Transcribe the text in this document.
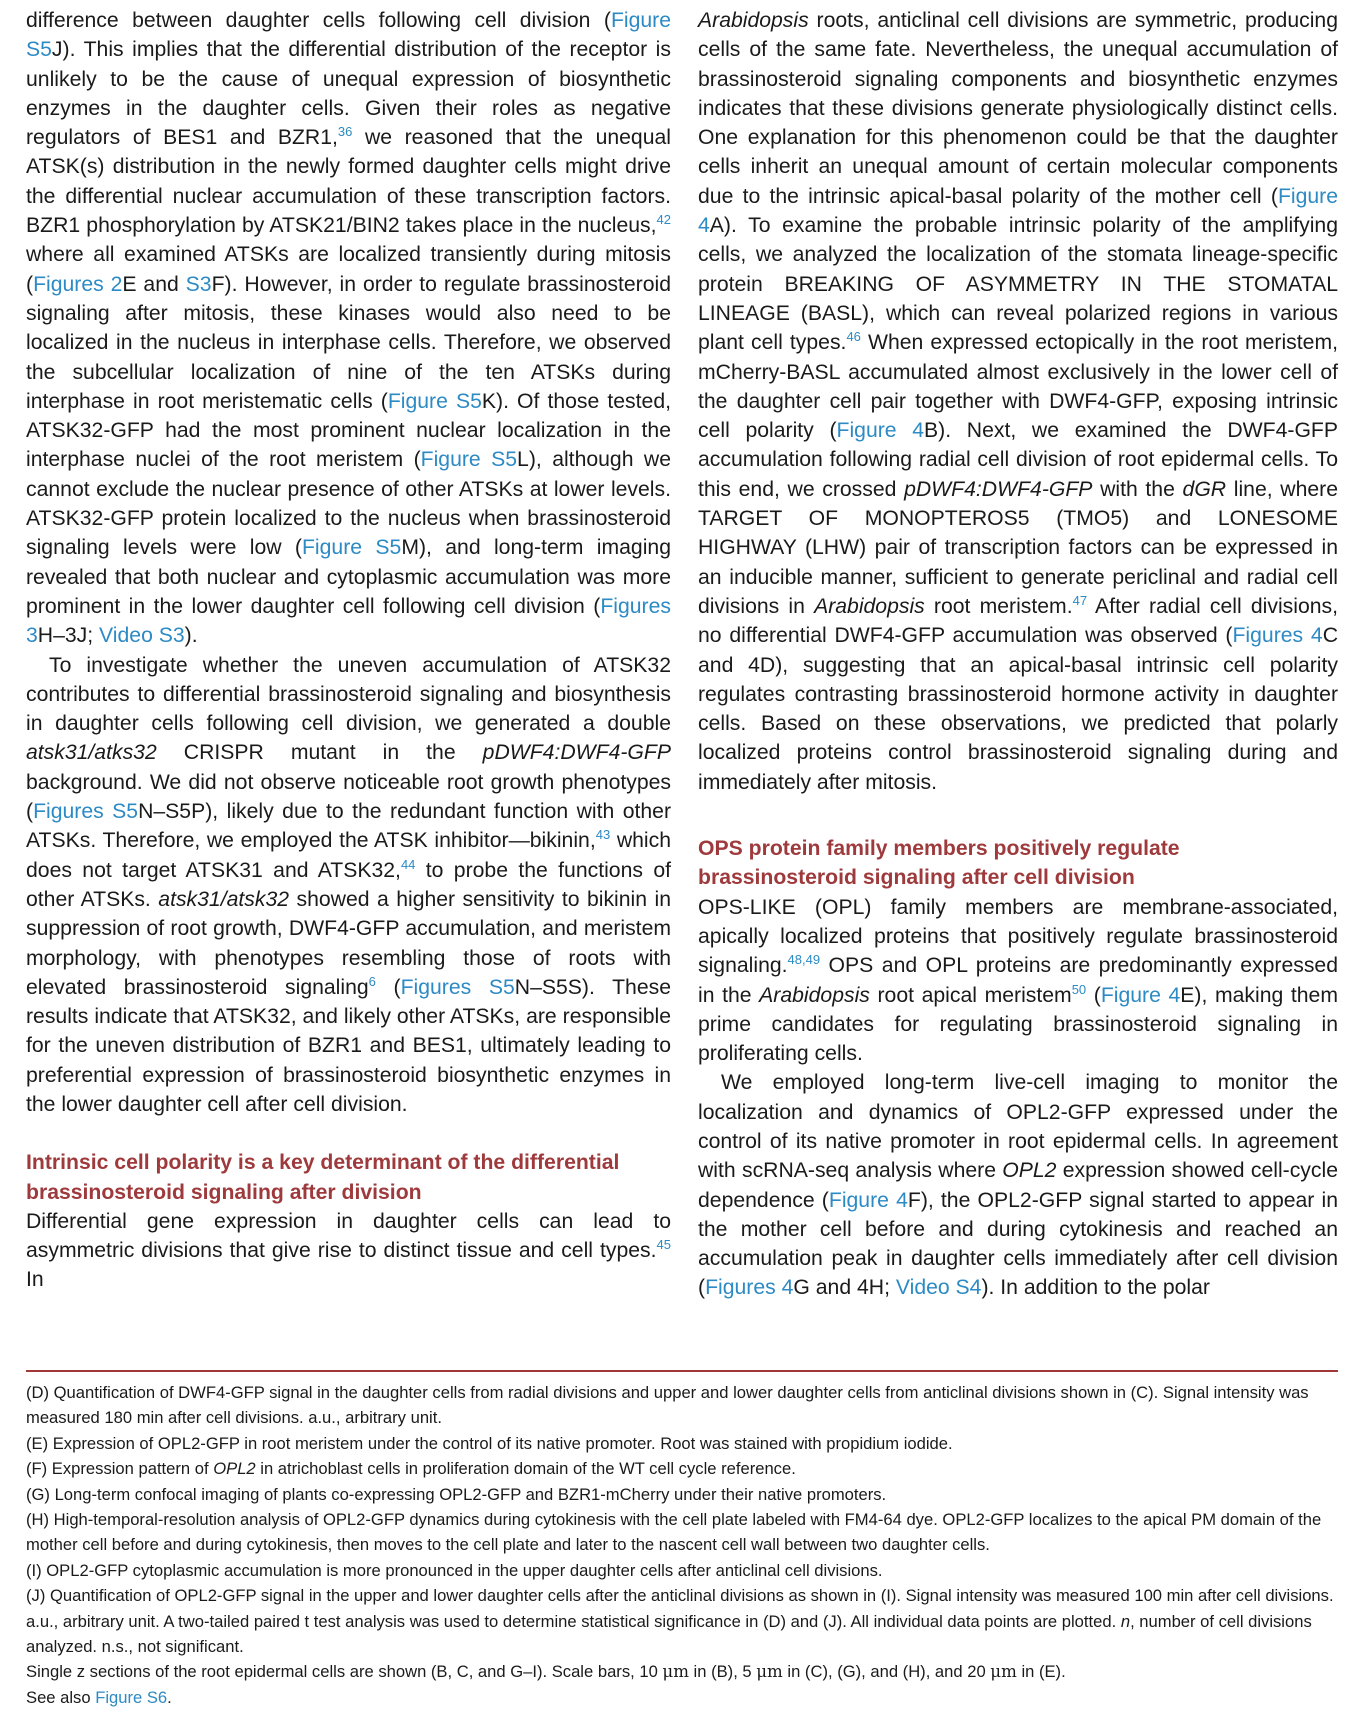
difference between daughter cells following cell division (Figure S5J). This implies that the differential distribution of the receptor is unlikely to be the cause of unequal expression of biosynthetic enzymes in the daughter cells. Given their roles as negative regulators of BES1 and BZR1,36 we reasoned that the unequal ATSK(s) distribution in the newly formed daughter cells might drive the differential nuclear accumulation of these transcription factors. BZR1 phosphorylation by ATSK21/BIN2 takes place in the nucleus,$^{42}$ where all examined ATSKs are localized transiently during mitosis (Figures 2E and S3F). However, in order to regulate brassinosteroid signaling after mitosis, these kinases would also need to be localized in the nucleus in interphase cells. Therefore, we observed the subcellular localization of nine of the ten ATSKs during interphase in root meristematic cells (Figure S5K). Of those tested, ATSK32-GFP had the most prominent nuclear localization in the interphase nuclei of the root meristem (Figure S5L), although we cannot exclude the nuclear presence of other ATSKs at lower levels. ATSK32-GFP protein localized to the nucleus when brassinosteroid signaling levels were low (Figure S5M), and long-term imaging revealed that both nuclear and cytoplasmic accumulation was more prominent in the lower daughter cell following cell division (Figures 3H–3J; Video S3).

To investigate whether the uneven accumulation of ATSK32 contributes to differential brassinosteroid signaling and biosynthesis in daughter cells following cell division, we generated a double atsk31/atks32 CRISPR mutant in the pDWF4:DWF4-GFP background. We did not observe noticeable root growth phenotypes (Figures S5N–S5P), likely due to the redundant function with other ATSKs. Therefore, we employed the ATSK inhibitor—bikinin,$^{43}$ which does not target ATSK31 and ATSK32,44 to probe the functions of other ATSKs. atsk31/atsk32 showed a higher sensitivity to bikinin in suppression of root growth, DWF4-GFP accumulation, and meristem morphology, with phenotypes resembling those of roots with elevated brassinosteroid signaling$^6$ (Figures S5N–S5S). These results indicate that ATSK32, and likely other ATSKs, are responsible for the uneven distribution of BZR1 and BES1, ultimately leading to preferential expression of brassinosteroid biosynthetic enzymes in the lower daughter cell after cell division.

Intrinsic cell polarity is a key determinant of the differential brassinosteroid signaling after division

Differential gene expression in daughter cells can lead to asymmetric divisions that give rise to distinct tissue and cell types.$^{45}$ In

Arabidopsis roots, anticlinal cell divisions are symmetric, producing cells of the same fate. Nevertheless, the unequal accumulation of brassinosteroid signaling components and biosynthetic enzymes indicates that these divisions generate physiologically distinct cells. One explanation for this phenomenon could be that the daughter cells inherit an unequal amount of certain molecular components due to the intrinsic apical-basal polarity of the mother cell (Figure 4A). To examine the probable intrinsic polarity of the amplifying cells, we analyzed the localization of the stomata lineage-specific protein BREAKING OF ASYMMETRY IN THE STOMATAL LINEAGE (BASL), which can reveal polarized regions in various plant cell types.$^{46}$ When expressed ectopically in the root meristem, mCherry-BASL accumulated almost exclusively in the lower cell of the daughter cell pair together with DWF4-GFP, exposing intrinsic cell polarity (Figure 4B). Next, we examined the DWF4-GFP accumulation following radial cell division of root epidermal cells. To this end, we crossed pDWF4:DWF4-GFP with the dGR line, where TARGET OF MONOPTEROS5 (TMO5) and LONESOME HIGHWAY (LHW) pair of transcription factors can be expressed in an inducible manner, sufficient to generate periclinal and radial cell divisions in Arabidopsis root meristem.$^{47}$ After radial cell divisions, no differential DWF4-GFP accumulation was observed (Figures 4C and 4D), suggesting that an apical-basal intrinsic cell polarity regulates contrasting brassinosteroid hormone activity in daughter cells. Based on these observations, we predicted that polarly localized proteins control brassinosteroid signaling during and immediately after mitosis.

OPS protein family members positively regulate brassinosteroid signaling after cell division

OPS-LIKE (OPL) family members are membrane-associated, apically localized proteins that positively regulate brassinosteroid signaling.$^{48,49}$ OPS and OPL proteins are predominantly expressed in the Arabidopsis root apical meristem$^{50}$ (Figure 4E), making them prime candidates for regulating brassinosteroid signaling in proliferating cells.

We employed long-term live-cell imaging to monitor the localization and dynamics of OPL2-GFP expressed under the control of its native promoter in root epidermal cells. In agreement with scRNA-seq analysis where OPL2 expression showed cell-cycle dependence (Figure 4F), the OPL2-GFP signal started to appear in the mother cell before and during cytokinesis and reached an accumulation peak in daughter cells immediately after cell division (Figures 4G and 4H; Video S4). In addition to the polar

(D) Quantification of DWF4-GFP signal in the daughter cells from radial divisions and upper and lower daughter cells from anticlinal divisions shown in (C). Signal intensity was measured 180 min after cell divisions. a.u., arbitrary unit.

(E) Expression of OPL2-GFP in root meristem under the control of its native promoter. Root was stained with propidium iodide.

(F) Expression pattern of OPL2 in atrichoblast cells in proliferation domain of the WT cell cycle reference.

(G) Long-term confocal imaging of plants co-expressing OPL2-GFP and BZR1-mCherry under their native promoters.

(H) High-temporal-resolution analysis of OPL2-GFP dynamics during cytokinesis with the cell plate labeled with FM4-64 dye. OPL2-GFP localizes to the apical PM domain of the mother cell before and during cytokinesis, then moves to the cell plate and later to the nascent cell wall between two daughter cells.

(I) OPL2-GFP cytoplasmic accumulation is more pronounced in the upper daughter cells after anticlinal cell divisions.

(J) Quantification of OPL2-GFP signal in the upper and lower daughter cells after the anticlinal divisions as shown in (I). Signal intensity was measured 100 min after cell divisions. a.u., arbitrary unit. A two-tailed paired t test analysis was used to determine statistical significance in (D) and (J). All individual data points are plotted. n, number of cell divisions analyzed. n.s., not significant.

Single z sections of the root epidermal cells are shown (B, C, and G–I). Scale bars, 10 μm in (B), 5 μm in (C), (G), and (H), and 20 μm in (E).

See also Figure S6.
